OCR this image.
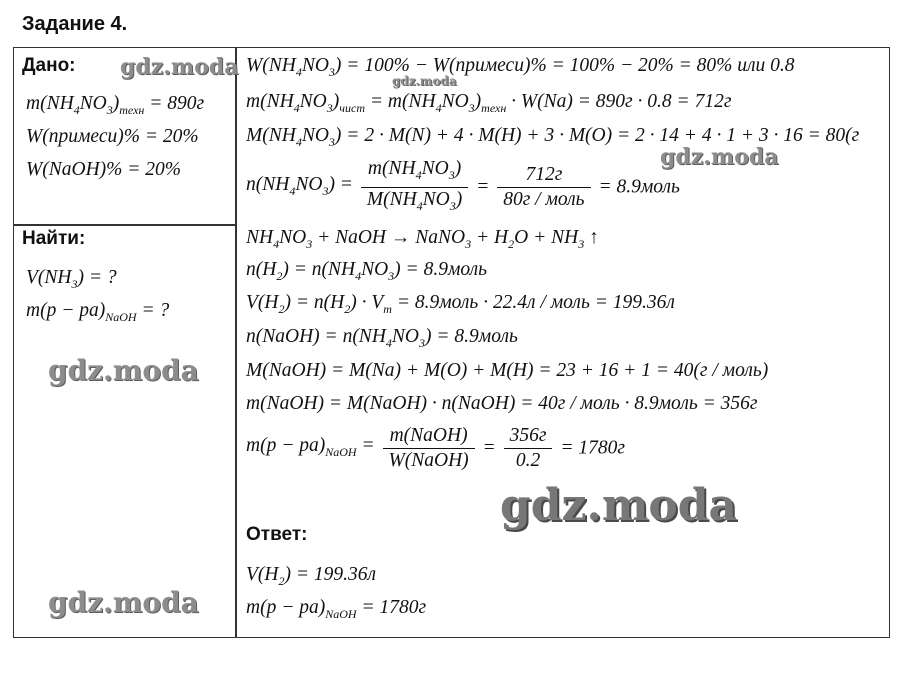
Задание 4.
Дано:
$m(NH_4NO_3)_{техн} = 890г$
W(примеси)% = 20%
W(NaOH)% = 20%
Найти:
$V(NH_3)$ = ?
$m(p - pa)_{NaOH}$ = ?
$W(NH_4NO_3) = 100\%$ − W(примеси)% = 100% − 20% = 80% или 0.8
$m(NH_4NO_3)_{чист} = m(NH_4NO_3)_{техн} \cdot W(Na) = 890г \cdot 0.8 = 712г$
$M(NH_4NO_3) = 2 \cdot M(N) + 4 \cdot M(H) + 3 \cdot M(O) = 2 \cdot 14 + 4 \cdot 1 + 3 \cdot 16 = 80(г$
$n(NH_4NO_3) = \frac{m(NH_4NO_3)}{M(NH_4NO_3)} = \frac{712г}{\text{80г / моль}}$ = 8.9моль
$NH_4NO_3$ + NaOH → NaNO$_3$ + $H_2O + NH_3$ ↑
$n(H_2) = n(NH_4NO_3)$ = 8.9моль
$V(H_2) = n(H_2) \cdot V_m$ = 8.9моль · 22.4л / моль = 199.36л
n(NaOH) = $n(NH_4NO_3)$ = 8.9моль
M(NaOH) = M(Na) + M(O) + M(H) = 23 + 16 + 1 = 40(г / моль)
m(NaOH) = M(NaOH) · n(NaOH) = 40г / моль · 8.9моль = 356г
$m(p - pa)_{NaOH} = \frac{\text{m(NaOH)}}{\text{W(NaOH)}} = \frac{356г}{0.2} = 1780г$
Ответ:
$V(H_2) = 199.36л$
$m(p - pa)_{NaOH} = 1780г$
gdz.moda
gdz.moda
gdz.moda
gdz.moda
gdz.moda
gdz.moda
